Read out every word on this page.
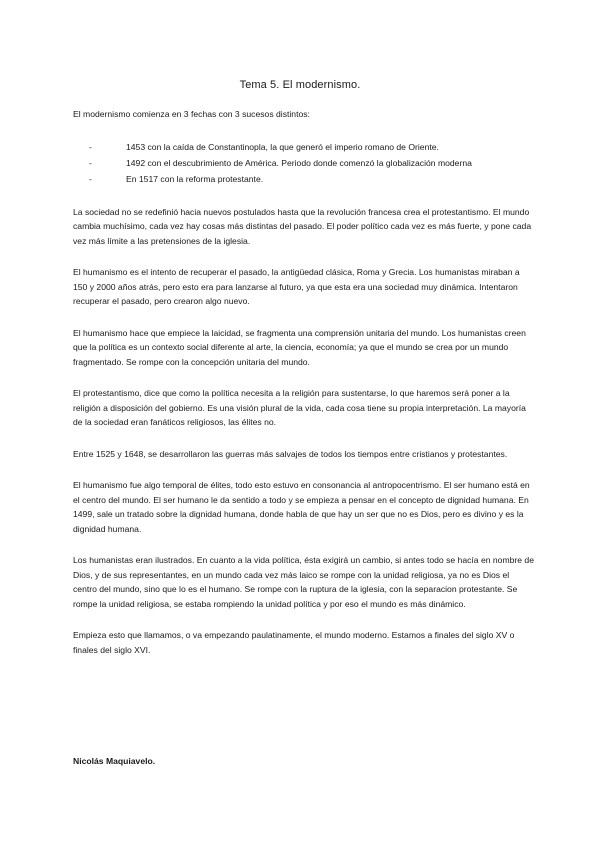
Tema 5. El modernismo.

El modernismo comienza en 3 fechas con 3 sucesos distintos:

-	1453 con la caída de Constantinopla, la que generó el imperio romano de Oriente.
-	1492 con el descubrimiento de América. Periodo donde comenzó la globalización moderna
-	En 1517 con la reforma protestante.

La sociedad no se redefinió hacia nuevos postulados hasta que la revolución francesa crea el protestantismo. El mundo cambia muchísimo, cada vez hay cosas más distintas del pasado. El poder político cada vez es más fuerte, y pone cada vez más límite a las pretensiones de la iglesia.

El humanismo es el intento de recuperar el pasado, la antigüedad clásica, Roma y Grecia. Los humanistas miraban a 150 y 2000 años atrás, pero esto era para lanzarse al futuro, ya que esta era una sociedad muy dinámica. Intentaron recuperar el pasado, pero crearon algo nuevo.

El humanismo hace que empiece la laicidad, se fragmenta una comprensión unitaria del mundo. Los humanistas creen que la política es un contexto social diferente al arte, la ciencia, economía; ya que el mundo se crea por un mundo fragmentado. Se rompe con la concepción unitaria del mundo.

El protestantismo, dice que como la política necesita a la religión para sustentarse, lo que haremos será poner a la religión a disposición del gobierno. Es una visión plural de la vida, cada cosa tiene su propia interpretación. La mayoría de la sociedad eran fanáticos religiosos, las élites no.

Entre 1525 y 1648, se desarrollaron las guerras más salvajes de todos los tiempos entre cristianos y protestantes.

El humanismo fue algo temporal de élites, todo esto estuvo en consonancia al antropocentrismo. El ser humano está en el centro del mundo. El ser humano le da sentido a todo y se empieza a pensar en el concepto de dignidad humana. En 1499, sale un tratado sobre la dignidad humana, donde habla de que hay un ser que no es Dios, pero es divino y es la dignidad humana.

Los humanistas eran ilustrados. En cuanto a la vida política, ésta exigirá un cambio, si antes todo se hacía en nombre de Dios, y de sus representantes, en un mundo cada vez más laico se rompe con la unidad religiosa, ya no es Dios el centro del mundo, sino que lo es el humano. Se rompe con la ruptura de la iglesia, con la separacion protestante. Se rompe la unidad religiosa, se estaba rompiendo la unidad política y por eso el mundo es más dinámico.

Empieza esto que llamamos, o va empezando paulatinamente, el mundo moderno. Estamos a finales del siglo XV o finales del siglo XVI.

Nicolás Maquiavelo.
